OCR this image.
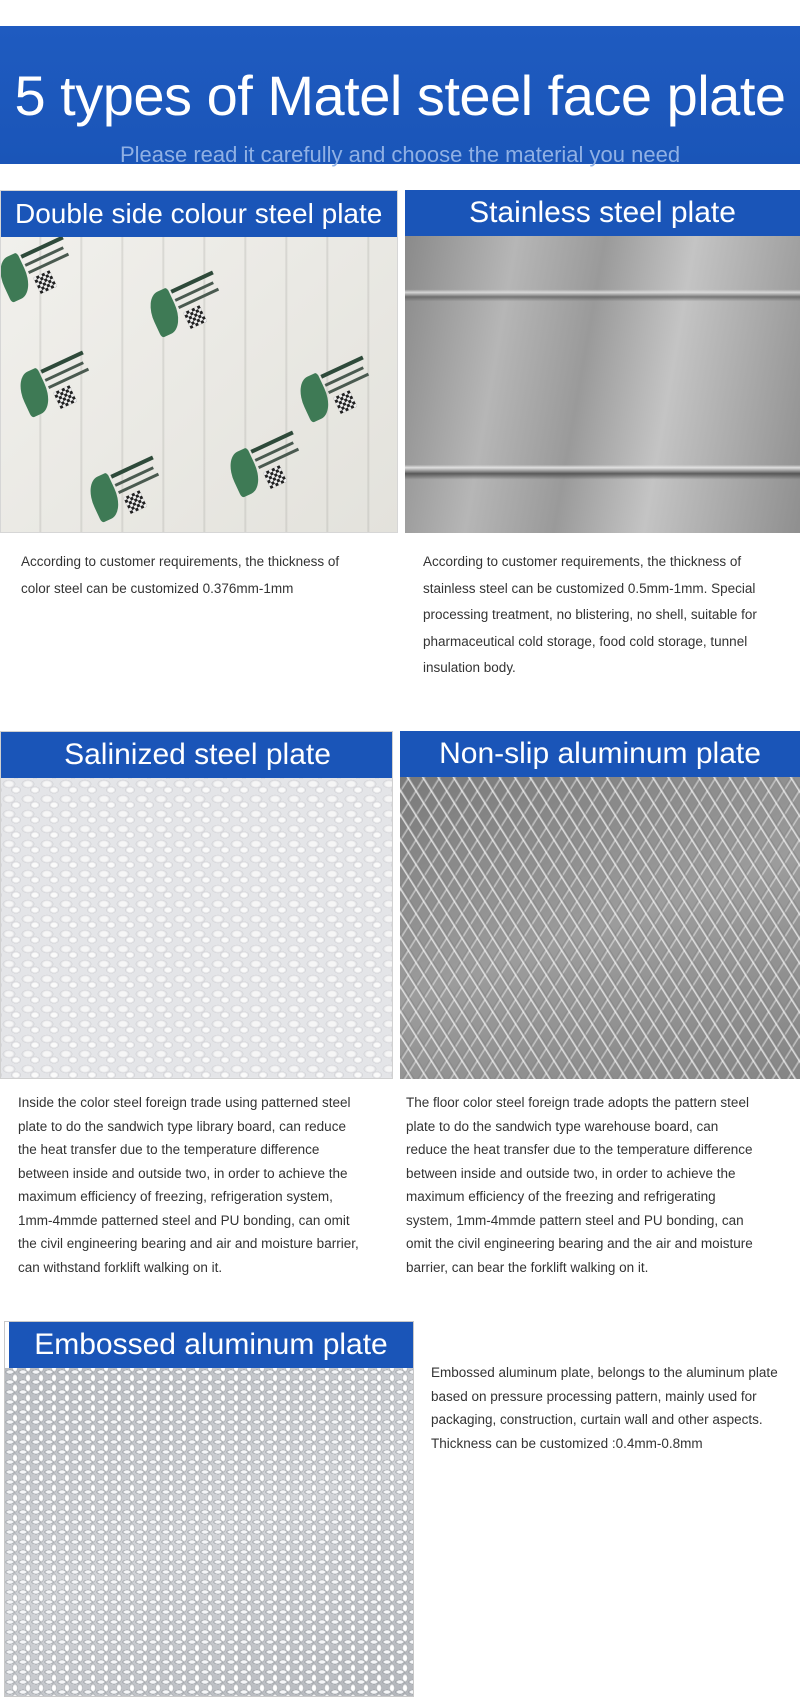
5 types of Matel steel face plate
Please read it carefully and choose the material you need
Double side colour steel plate
According to customer requirements, the thickness of color steel can be customized 0.376mm-1mm
Stainless steel plate
According to customer requirements, the thickness of stainless steel can be customized 0.5mm-1mm. Special processing treatment, no blistering, no shell, suitable for pharmaceutical cold storage, food cold storage, tunnel insulation body.
Salinized steel plate
Inside the color steel foreign trade using patterned steel plate to do the sandwich type library board, can reduce the heat transfer due to the temperature difference between inside and outside two, in order to achieve the maximum efficiency of freezing, refrigeration system, 1mm-4mmde patterned steel and PU bonding, can omit the civil engineering bearing and air and moisture barrier, can withstand forklift walking on it.
Non-slip aluminum plate
The floor color steel foreign trade adopts the pattern steel plate to do the sandwich type warehouse board, can reduce the heat transfer due to the temperature difference between inside and outside two, in order to achieve the maximum efficiency of the freezing and refrigerating system, 1mm-4mmde pattern steel and PU bonding, can omit the civil engineering bearing and the air and moisture barrier, can bear the forklift walking on it.
Embossed aluminum plate
Embossed aluminum plate, belongs to the aluminum plate based on pressure processing pattern, mainly used for packaging, construction, curtain wall and other aspects. Thickness can be customized :0.4mm-0.8mm
